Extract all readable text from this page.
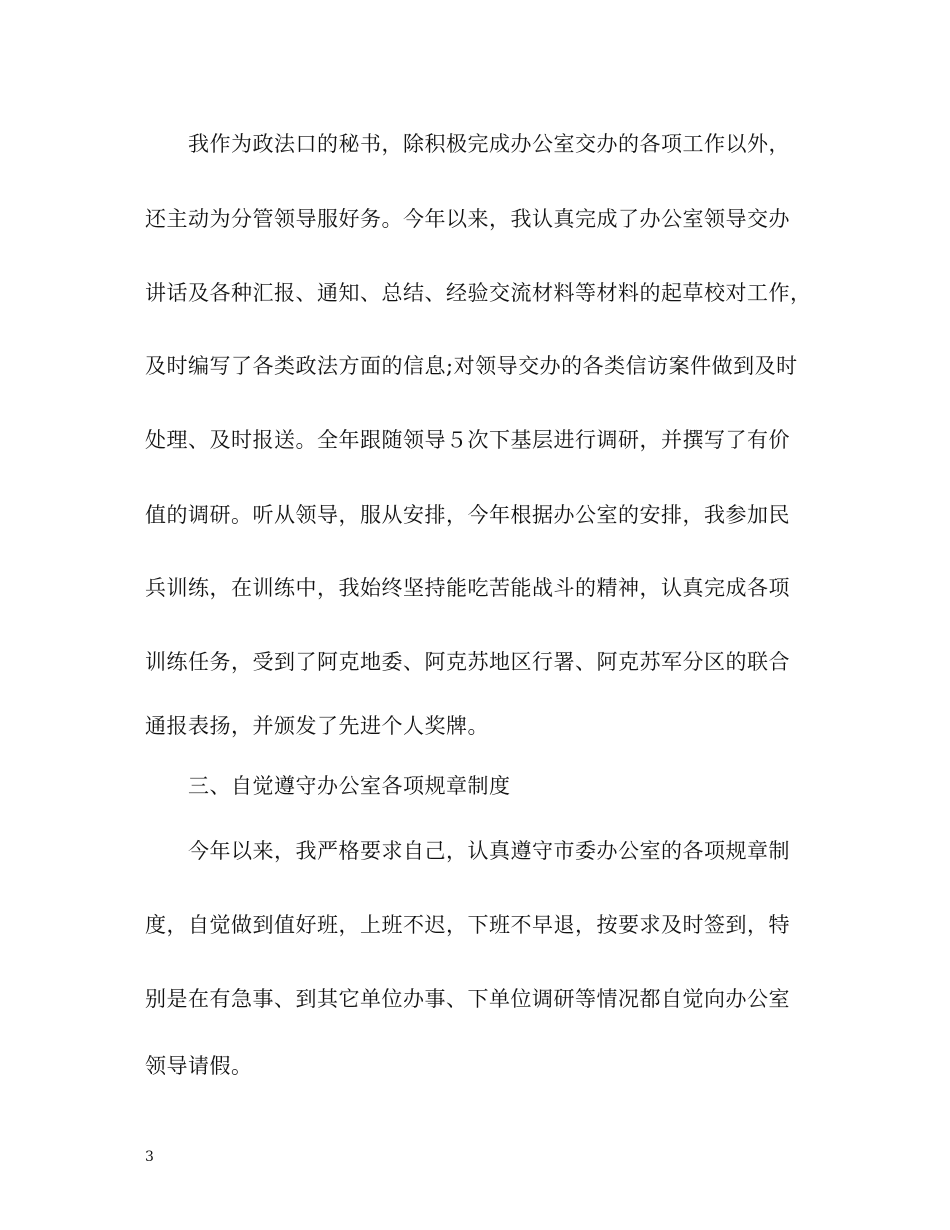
我作为政法口的秘书，除积极完成办公室交办的各项工作以外，
还主动为分管领导服好务。今年以来，我认真完成了办公室领导交办
讲话及各种汇报、通知、总结、经验交流材料等材料的起草校对工作，
及时编写了各类政法方面的信息;对领导交办的各类信访案件做到及时
处理、及时报送。全年跟随领导５次下基层进行调研，并撰写了有价
值的调研。听从领导，服从安排，今年根据办公室的安排，我参加民
兵训练，在训练中，我始终坚持能吃苦能战斗的精神，认真完成各项
训练任务，受到了阿克地委、阿克苏地区行署、阿克苏军分区的联合
通报表扬，并颁发了先进个人奖牌。
三、自觉遵守办公室各项规章制度
今年以来，我严格要求自己，认真遵守市委办公室的各项规章制
度，自觉做到值好班，上班不迟，下班不早退，按要求及时签到，特
别是在有急事、到其它单位办事、下单位调研等情况都自觉向办公室
领导请假。
3
